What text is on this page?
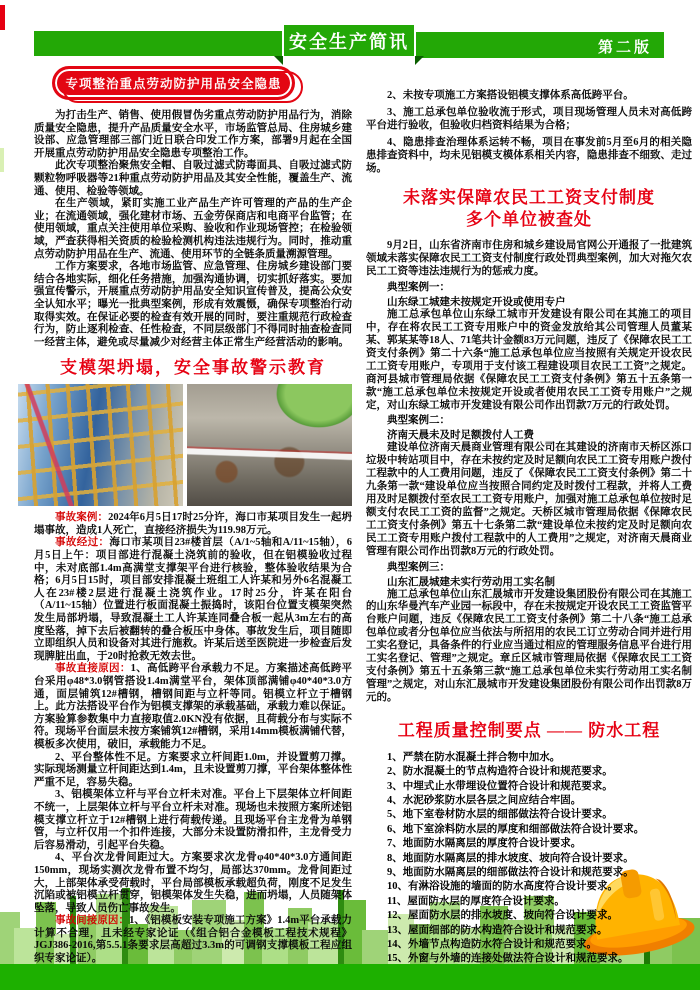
第二版
安全生产简讯
专项整治重点劳动防护用品安全隐患

为打击生产、销售、使用假冒伪劣重点劳动防护用品行为，消除质量安全隐患，提升产品质量安全水平，市场监管总局、住房城乡建设部、应急管理部三部门近日联合印发工作方案，部署9月起在全国开展重点劳动防护用品安全隐患专项整治工作。

此次专项整治聚焦安全帽、自吸过滤式防毒面具、自吸过滤式防颗粒物呼吸器等21种重点劳动防护用品及其安全性能，覆盖生产、流通、使用、检验等领域。

在生产领域，紧盯实施工业产品生产许可管理的产品的生产企业；在流通领域，强化建材市场、五金劳保商店和电商平台监管；在使用领域，重点关注使用单位采购、验收和作业现场管控；在检验领域，严查获得相关资质的检验检测机构违法违规行为。同时，推动重点劳动防护用品在生产、流通、使用环节的全链条质量溯源管理。

工作方案要求，各地市场监管、应急管理、住房城乡建设部门要结合各地实际，细化任务措施，加强沟通协调，切实抓好落实。要加强宣传警示，开展重点劳动防护用品安全知识宣传普及，提高公众安全认知水平；曝光一批典型案例，形成有效震慑，确保专项整治行动取得实效。在保证必要的检查有效开展的同时，要注重规范行政检查行为，防止逐利检查、任性检查，不同层级部门不得同时抽查检查同一经营主体，避免或尽量减少对经营主体正常生产经营活动的影响。

支模架坍塌，安全事故警示教育

事故案例：2024年6月5日17时25分许，海口市某项目发生一起坍塌事故，造成1人死亡，直接经济损失为119.98万元。

事故经过：海口市某项目23#楼首层（A/1~5轴和A/11~15轴），6月5日上午：项目部进行混凝土浇筑前的验收，但在铝模验收过程中，未对底部1.4m高满堂支撑架平台进行核验，整体验收结果为合格；6月5日15时，项目部安排混凝土班组工人许某和另外6名混凝工人在23#楼2层进行混凝土浇筑作业。17时25分，许某在阳台（A/11~15轴）位置进行板面混凝土振捣时，该阳台位置支模架突然发生局部坍塌，导致混凝土工人许某连同叠合板一起从3m左右的高度坠落，掉下去后被翻转的叠合板压中身体。事故发生后，项目随即立即组织人员和设备对其进行施救。许某后送至医院进一步检查后发现脾脏出血，于20时抢救无效去世。

事故直接原因：1、高低跨平台承载力不足。方案描述高低跨平台采用φ48*3.0钢管搭设1.4m满堂平台，架体顶部满铺φ40*40*3.0方通，面层铺筑12#槽钢，槽钢间距与立杆等同。铝模立杆立于槽钢上。此方法搭设平台作为铝模支撑架的承载基础，承载力难以保证。方案验算参数集中力直接取值2.0KN没有依据，且荷载分布与实际不符。现场平台面层未按方案铺筑12#槽钢，采用14mm模板满铺代替，模板多次使用，破旧，承载能力不足。

2、平台整体性不足。方案要求立杆间距1.0m，并设置剪刀撑。实际现场测量立杆间距达到1.4m，且未设置剪刀撑，平台架体整体性严重不足，容易失稳。

3、铝模架体立杆与平台立杆未对准。平台上下层架体立杆间距不统一，上层架体立杆与平台立杆未对准。现场也未按照方案所述铝模支撑立杆立于12#槽钢上进行荷载传递。且现场平台主龙骨为单钢管，与立杆仅用一个扣件连接，大部分未设置防滑扣件，主龙骨受力后容易滑动，引起平台失稳。

4、平台次龙骨间距过大。方案要求次龙骨φ40*40*3.0方通间距150mm，现场实测次龙骨布置不均匀，局部达370mm。龙骨间距过大，上部架体承受荷载时，平台局部模板承载超负荷，刚度不足发生沉陷或被铝模立杆贯穿，铝模架体发生失稳，进而坍塌，人员随架体坠落，导致人员伤亡事故发生。

事故间接原因：1、《铝模板安装专项施工方案》1.4m平台承载力计算不合理，且未经专家论证（《组合铝合金模板工程技术规程》JGJ386-2016,第5.5.1条要求层高超过3.3m的可调钢支撑模板工程应组织专家论证）。

2、未按专项施工方案搭设铝模支撑体系高低跨平台。

3、施工总承包单位验收流于形式，项目现场管理人员未对高低跨平台进行验收，但验收归档资料结果为合格；

4、隐患排查治理体系运转不畅，项目在事发前5月至6月的相关隐患排查资料中，均未见铝模支模体系相关内容，隐患排查不细致、走过场。

未落实保障农民工工资支付制度
多个单位被查处

9月2日，山东省济南市住房和城乡建设局官网公开通报了一批建筑领域未落实保障农民工工资支付制度行政处罚典型案例，加大对拖欠农民工工资等违法违规行为的惩戒力度。

典型案例一：

山东绿工城建未按规定开设或使用专户

施工总承包单位山东绿工城市开发建设有限公司在其施工的项目中，存在将农民工工资专用账户中的资金发放给其公司管理人员董某某、郭某某等18人、71笔共计金额83万元问题，违反了《保障农民工工资支付条例》第二十六条“施工总承包单位应当按照有关规定开设农民工工资专用账户，专项用于支付该工程建设项目农民工工资”之规定。商河县城市管理局依据《保障农民工工资支付条例》第五十五条第一款“施工总承包单位未按规定开设或者使用农民工工资专用账户”之规定，对山东绿工城市开发建设有限公司作出罚款7万元的行政处罚。

典型案例二：

济南天晨未及时足额拨付人工费

建设单位济南天晨商业管理有限公司在其建设的济南市天桥区泺口垃圾中转站项目中，存在未按约定及时足额向农民工工资专用账户拨付工程款中的人工费用问题，违反了《保障农民工工资支付条例》第二十九条第一款“建设单位应当按照合同约定及时拨付工程款，并将人工费用及时足额拨付至农民工工资专用账户，加强对施工总承包单位按时足额支付农民工工资的监督”之规定。天桥区城市管理局依据《保障农民工工资支付条例》第五十七条第二款“建设单位未按约定及时足额向农民工工资专用账户拨付工程款中的人工费用”之规定，对济南天晨商业管理有限公司作出罚款8万元的行政处罚。

典型案例三：

山东汇晟城建未实行劳动用工实名制

施工总承包单位山东汇晟城市开发建设集团股份有限公司在其施工的山东华曼汽车产业园一标段中，存在未按规定开设农民工工资监管平台账户问题，违反《保障农民工工资支付条例》第二十八条“施工总承包单位或者分包单位应当依法与所招用的农民工订立劳动合同并进行用工实名登记，具备条件的行业应当通过相应的管理服务信息平台进行用工实名登记、管理”之规定。章丘区城市管理局依据《保障农民工工资支付条例》第五十五条第三款“施工总承包单位未实行劳动用工实名制管理”之规定，对山东汇晟城市开发建设集团股份有限公司作出罚款8万元的。

工程质量控制要点 —— 防水工程

1、严禁在防水混凝土拌合物中加水。

2、防水混凝土的节点构造符合设计和规范要求。

3、中埋式止水带埋设位置符合设计和规范要求。

4、水泥砂浆防水层各层之间应结合牢固。

5、地下室卷材防水层的细部做法符合设计要求。

6、地下室涂料防水层的厚度和细部做法符合设计要求。

7、地面防水隔离层的厚度符合设计要求。

8、地面防水隔离层的排水坡度、坡向符合设计要求。

9、地面防水隔离层的细部做法符合设计和规范要求。

10、有淋浴设施的墙面的防水高度符合设计要求。

11、屋面防水层的厚度符合设计要求。

12、屋面防水层的排水坡度、坡向符合设计要求。

13、屋面细部的防水构造符合设计和规范要求。

14、外墙节点构造防水符合设计和规范要求。

15、外窗与外墙的连接处做法符合设计和规范要求。
